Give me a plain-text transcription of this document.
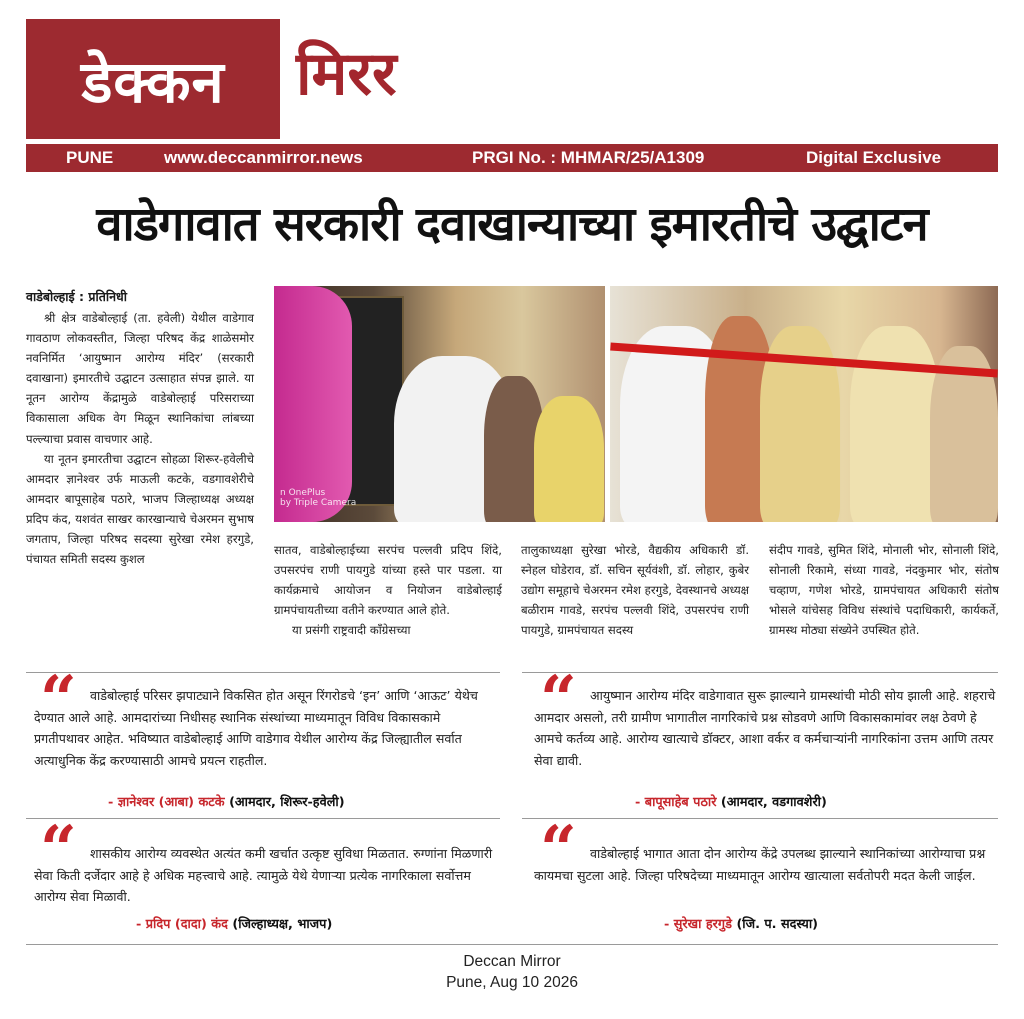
डेक्कन मिरर
PUNE	www.deccanmirror.news	PRGI No. : MHMAR/25/A1309	Digital Exclusive
वाडेगावात सरकारी दवाखान्याच्या इमारतीचे उद्घाटन
वाडेबोल्हाई : प्रतिनिधी

श्री क्षेत्र वाडेबोल्हाई (ता. हवेली) येथील वाडेगाव गावठाण लोकवस्तीत, जिल्हा परिषद केंद्र शाळेसमोर नवनिर्मित ‘आयुष्मान आरोग्य मंदिर’ (सरकारी दवाखाना) इमारतीचे उद्घाटन उत्साहात संपन्न झाले. या नूतन आरोग्य केंद्रामुळे वाडेबोल्हाई परिसराच्या विकासाला अधिक वेग मिळून स्थानिकांचा लांबच्या पल्ल्याचा प्रवास वाचणार आहे.

या नूतन इमारतीचा उद्घाटन सोहळा शिरूर-हवेलीचे आमदार ज्ञानेश्वर उर्फ माऊली कटके, वडगावशेरीचे आमदार बापूसाहेब पठारे, भाजप जिल्हाध्यक्ष अध्यक्ष प्रदिप कंद, यशवंत साखर कारखान्याचे चेअरमन सुभाष जगताप, जिल्हा परिषद सदस्या सुरेखा रमेश हरगुडे, पंचायत समिती सदस्य कुशल

n OnePlus
by Triple Camera

सातव, वाडेबोल्हाईच्या सरपंच पल्लवी प्रदिप शिंदे, उपसरपंच राणी पायगुडे यांच्या हस्ते पार पडला. या कार्यक्रमाचे आयोजन व नियोजन वाडेबोल्हाई ग्रामपंचायतीच्या वतीने करण्यात आले होते.

या प्रसंगी राष्ट्रवादी काँग्रेसच्या

तालुकाध्यक्षा सुरेखा भोरडे, वैद्यकीय अधिकारी डॉ. स्नेहल घोडेराव, डॉ. सचिन सूर्यवंशी, डॉ. लोहार, कुबेर उद्योग समूहाचे चेअरमन रमेश हरगुडे, देवस्थानचे अध्यक्ष बळीराम गावडे, सरपंच पल्लवी शिंदे, उपसरपंच राणी पायगुडे, ग्रामपंचायत सदस्य

संदीप गावडे, सुमित शिंदे, मोनाली भोर, सोनाली शिंदे, सोनाली रिकामे, संध्या गावडे, नंदकुमार भोर, संतोष चव्हाण, गणेश भोरडे, ग्रामपंचायत अधिकारी संतोष भोसले यांचेसह विविध संस्थांचे पदाधिकारी, कार्यकर्ते, ग्रामस्थ मोठ्या संख्येने उपस्थित होते.

“	वाडेबोल्हाई परिसर झपाट्याने विकसित होत असून रिंगरोडचे ‘इन’ आणि ‘आऊट’ येथेच देण्यात आले आहे. आमदारांच्या निधीसह स्थानिक संस्थांच्या माध्यमातून विविध विकासकामे प्रगतीपथावर आहेत. भविष्यात वाडेबोल्हाई आणि वाडेगाव येथील आरोग्य केंद्र जिल्ह्यातील सर्वात अत्याधुनिक केंद्र करण्यासाठी आमचे प्रयत्न राहतील.
- ज्ञानेश्वर (आबा) कटके (आमदार, शिरूर-हवेली)
“	आयुष्मान आरोग्य मंदिर वाडेगावात सुरू झाल्याने ग्रामस्थांची मोठी सोय झाली आहे. शहराचे आमदार असलो, तरी ग्रामीण भागातील नागरिकांचे प्रश्न सोडवणे आणि विकासकामांवर लक्ष ठेवणे हे आमचे कर्तव्य आहे. आरोग्य खात्याचे डॉक्टर, आशा वर्कर व कर्मचाऱ्यांनी नागरिकांना उत्तम आणि तत्पर सेवा द्यावी.
- बापूसाहेब पठारे (आमदार, वडगावशेरी)
“	शासकीय आरोग्य व्यवस्थेत अत्यंत कमी खर्चात उत्कृष्ट सुविधा मिळतात. रुग्णांना मिळणारी सेवा किती दर्जेदार आहे हे अधिक महत्त्वाचे आहे. त्यामुळे येथे येणाऱ्या प्रत्येक नागरिकाला सर्वोत्तम आरोग्य सेवा मिळावी.
- प्रदिप (दादा) कंद (जिल्हाध्यक्ष, भाजप)
“	वाडेबोल्हाई भागात आता दोन आरोग्य केंद्रे उपलब्ध झाल्याने स्थानिकांच्या आरोग्याचा प्रश्न कायमचा सुटला आहे. जिल्हा परिषदेच्या माध्यमातून आरोग्य खात्याला सर्वतोपरी मदत केली जाईल.
- सुरेखा हरगुडे (जि. प. सदस्या)
Deccan Mirror
Pune, Aug 10 2026
